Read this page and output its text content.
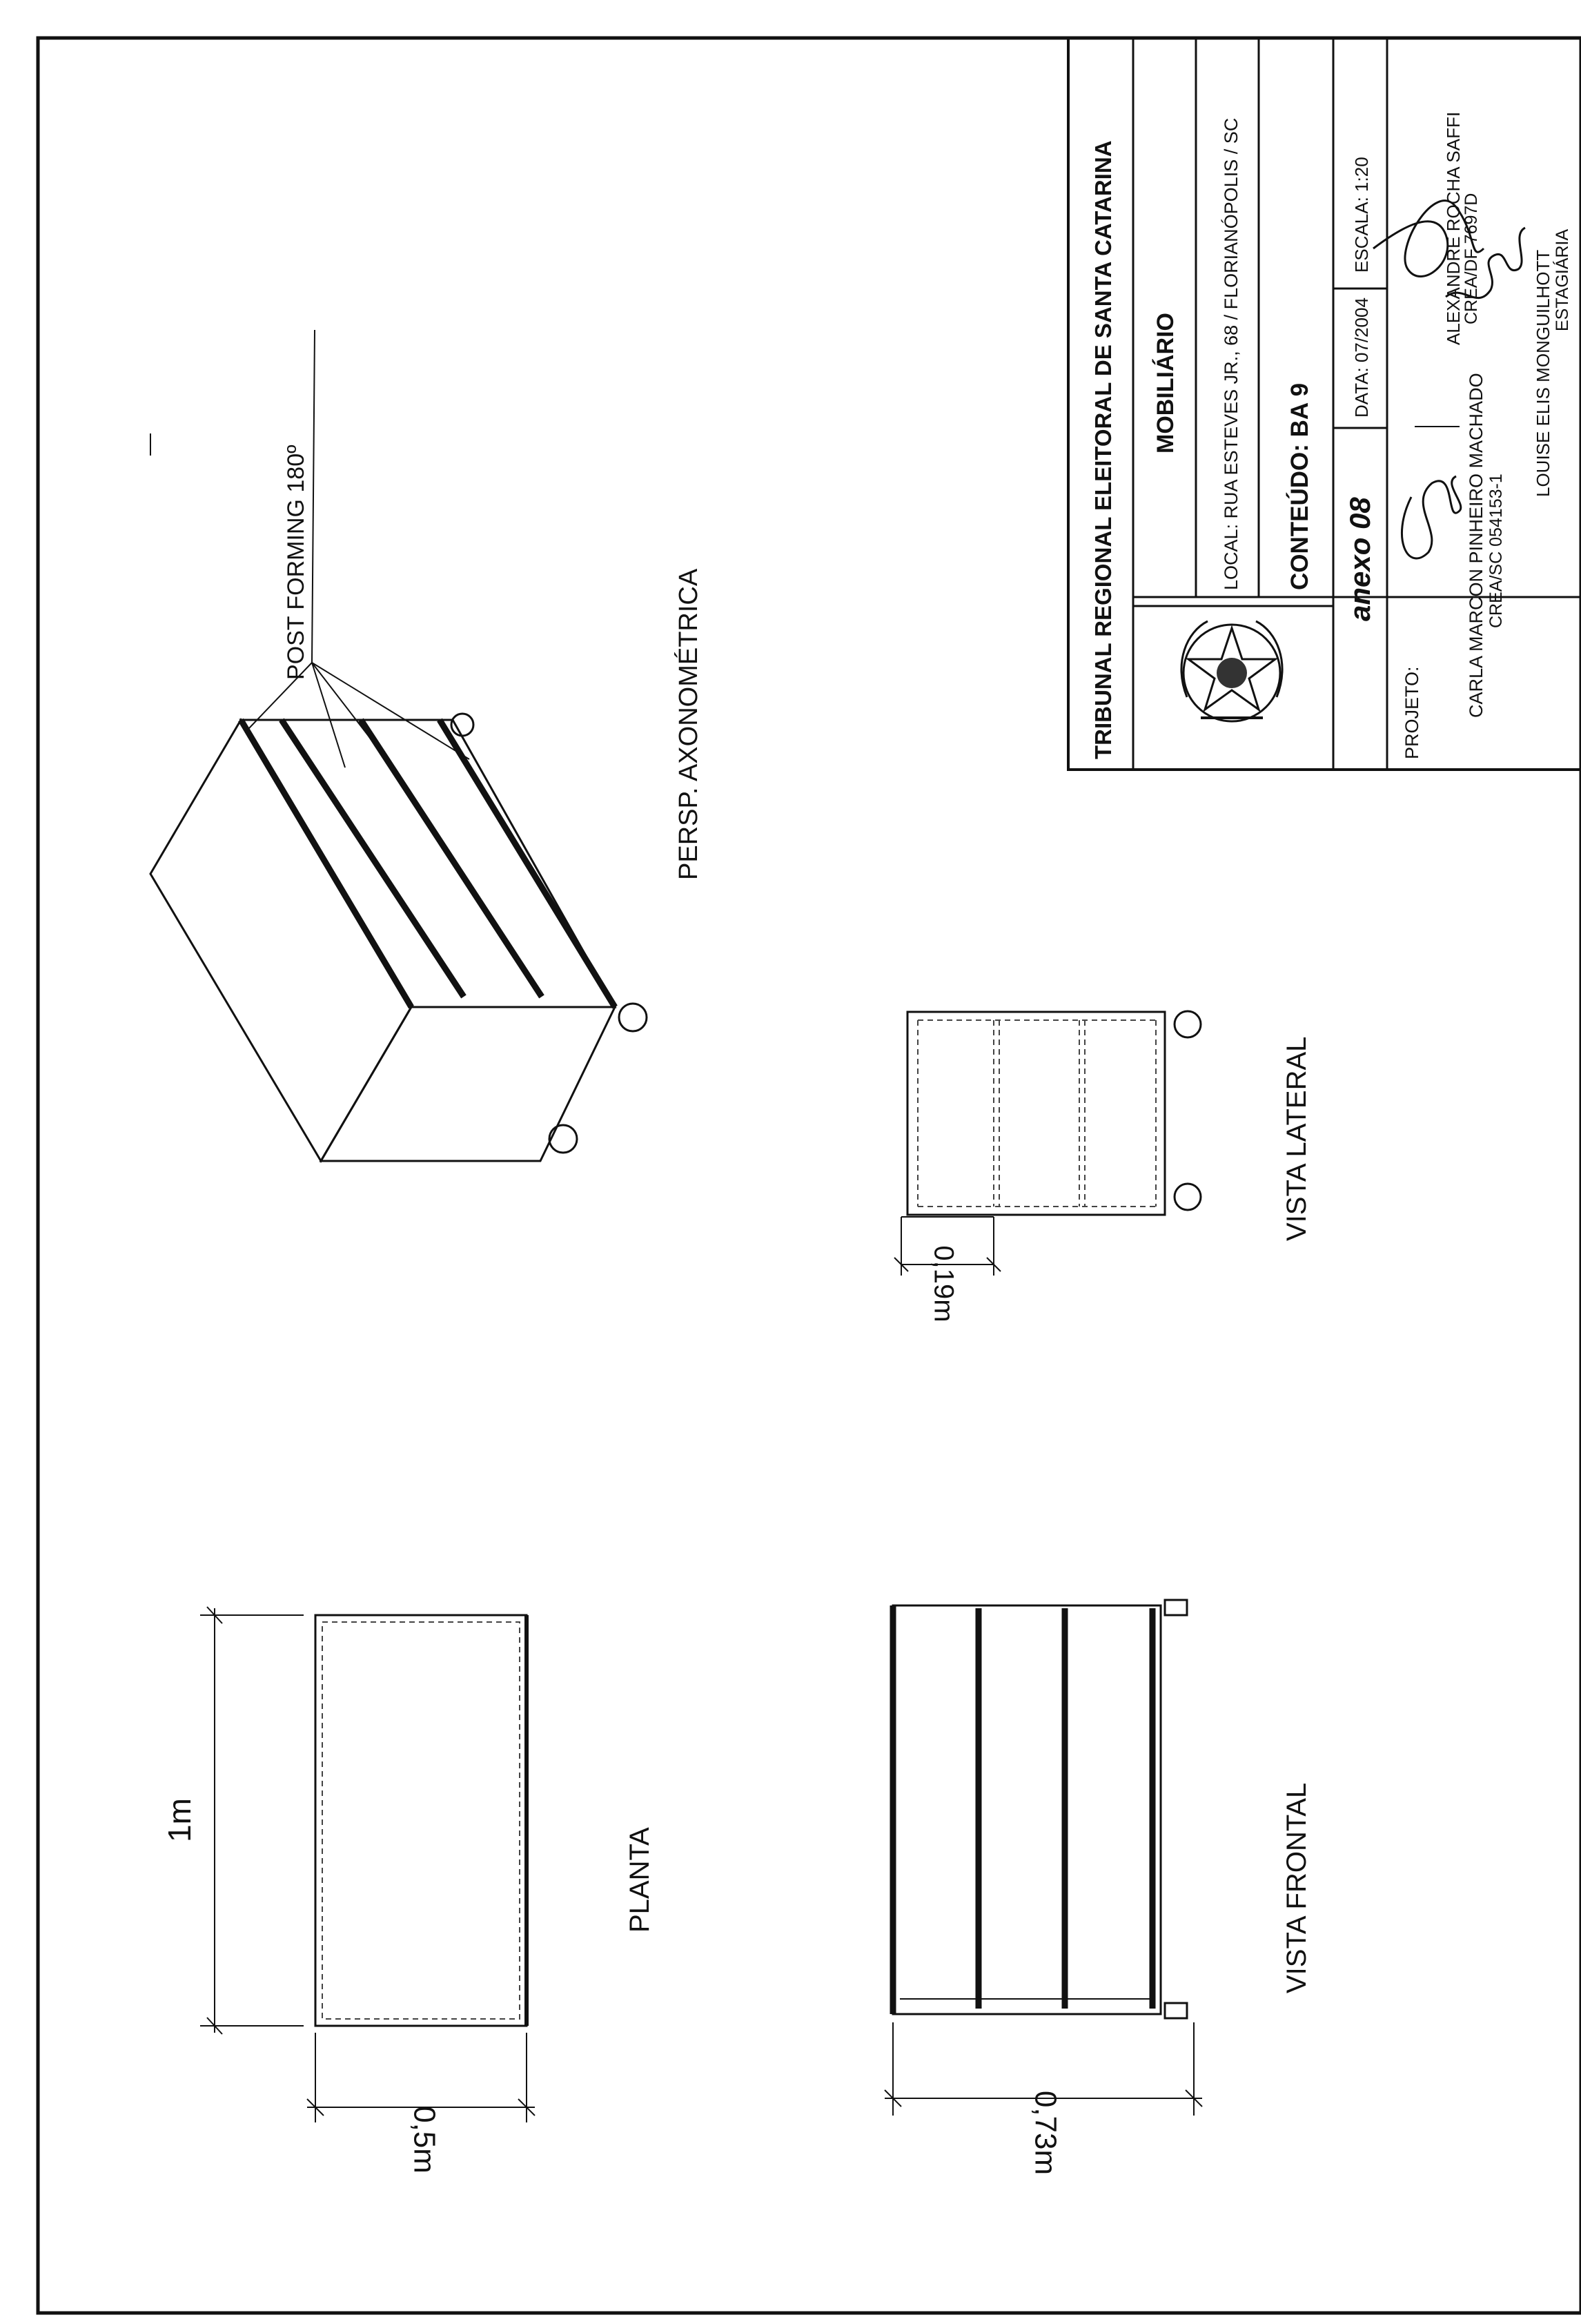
POST FORMING 180º
PERSP. AXONOMÉTRICA
0,19m
VISTA LATERAL
1m
0,5m
PLANTA
0,73m
VISTA FRONTAL
TRIBUNAL REGIONAL ELEITORAL DE SANTA CATARINA MOBILIÁRIO LOCAL: RUA ESTEVES JR., 68 / FLORIANÓPOLIS / SC CONTEÚDO: BA 9 anexo 08
DATA: 07/2004
ESCALA: 1:20
PROJETO: CARLA MARCON PINHEIRO MACHADO CREA/SC 054153-1
ALEXANDRE ROCHA SAFFI
CREA/DF 7697D	LOUISE ELIS MONGUILHOTT ESTAGIÁRIA
